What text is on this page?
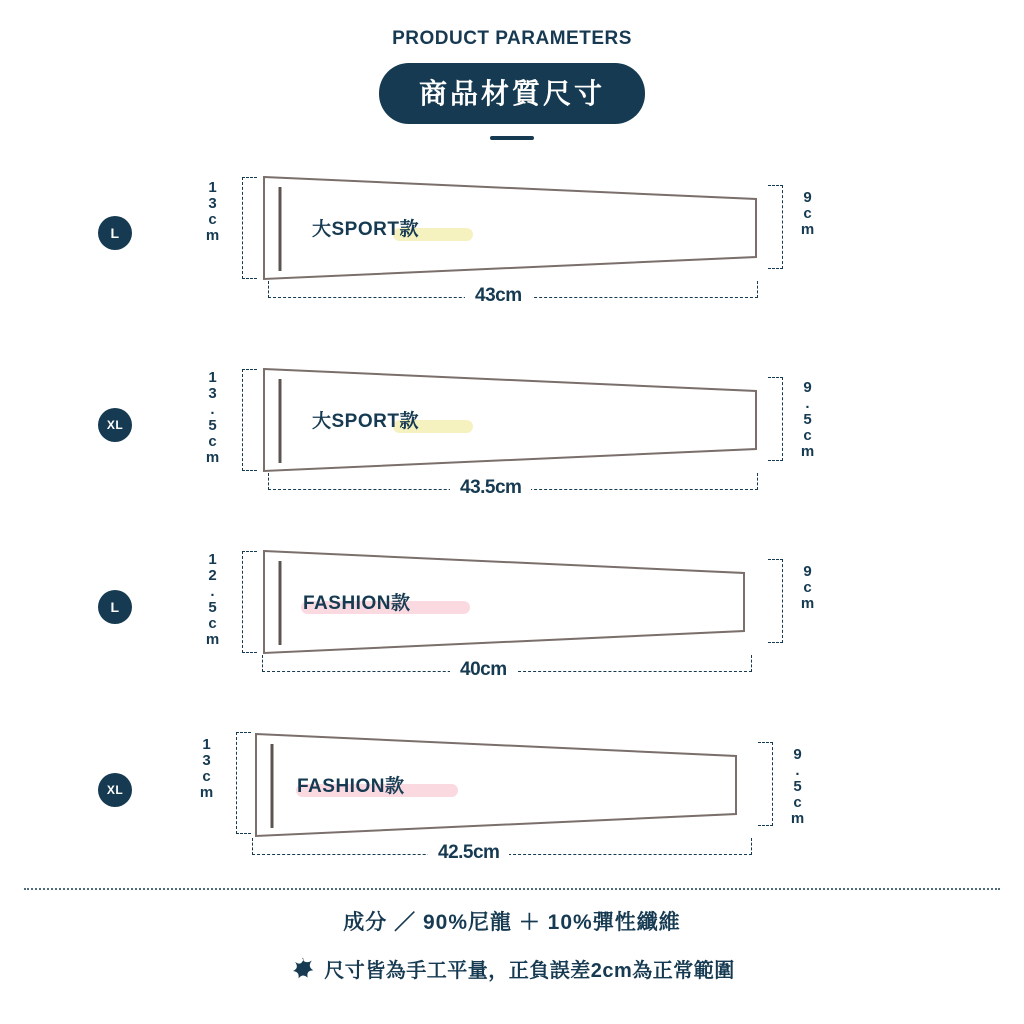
PRODUCT PARAMETERS
商品材質尺寸
L	13cm	9cm
大SPORT款
43cm
XL	13.5cm	9.5cm
大SPORT款
43.5cm
L	12.5cm	9cm
FASHION款
40cm
XL	13cm	9.5cm
FASHION款
42.5cm
成分 ／ 90%尼龍 ＋ 10%彈性纖維
尺寸皆為手工平量，正負誤差2cm為正常範圍
